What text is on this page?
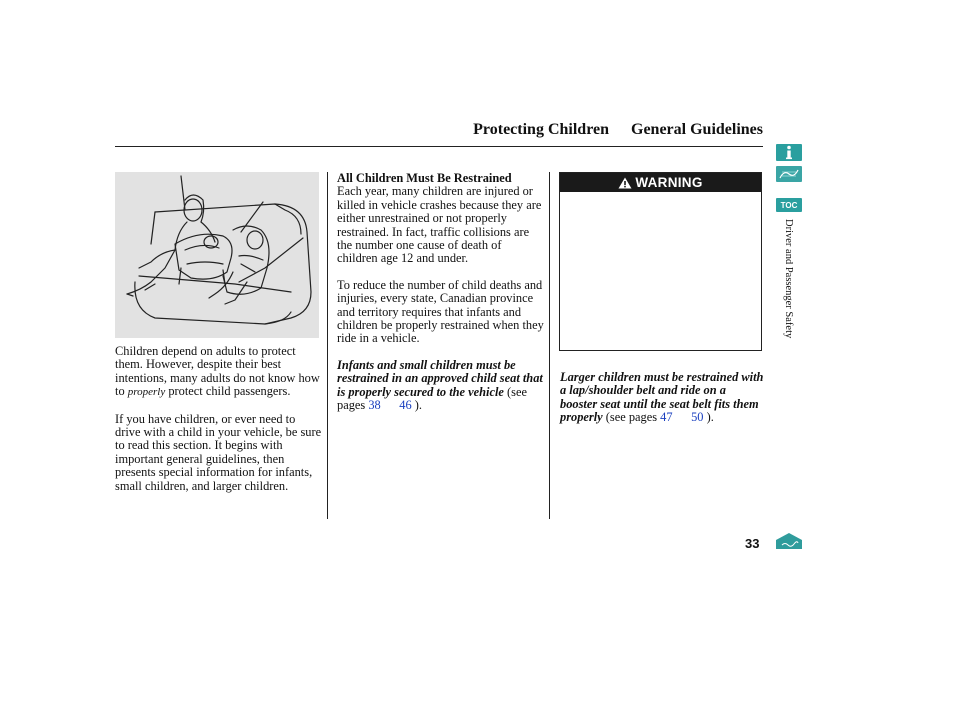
Protecting Children General Guidelines

Children depend on adults to protect them. However, despite their best intentions, many adults do not know how to properly protect child passengers.

If you have children, or ever need to drive with a child in your vehicle, be sure to read this section. It begins with important general guidelines, then presents special information for infants, small children, and larger children.

All Children Must Be Restrained

Each year, many children are injured or killed in vehicle crashes because they are either unrestrained or not properly restrained. In fact, traffic collisions are the number one cause of death of children age 12 and under.

To reduce the number of child deaths and injuries, every state, Canadian province and territory requires that infants and children be properly restrained when they ride in a vehicle.

Infants and small children must be restrained in an approved child seat that is properly secured to the vehicle (see pages 38 46 ).

WARNING

Larger children must be restrained with a lap/shoulder belt and ride on a booster seat until the seat belt fits them properly (see pages 47 50 ).

TOC
Driver and Passenger Safety
33
